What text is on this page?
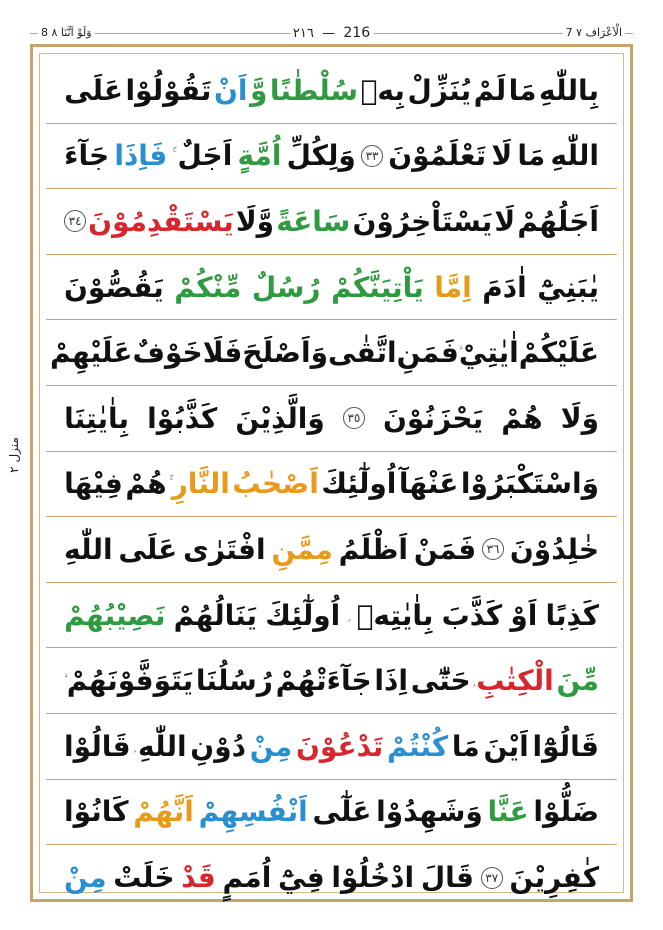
8 وَلَوْ اَنَّنَا ٨	٢١٦  —  216	7 الْاَعْرَاف ٧
منزل ٢
بِاللّٰهِ
مَا
لَمْ
يُنَزِّلْ
بِهٖ
سُلْطٰنًا
وَّ
اَنْ
تَقُوْلُوْا
عَلَى
اللّٰهِ
مَا
لَا
تَعْلَمُوْنَ
٣٣
وَلِكُلِّ
اُمَّةٍ
اَجَلٌ
فَاِذَا
جَآءَ
اَجَلُهُمْ
لَا
يَسْتَاْخِرُوْنَ
سَاعَةً
وَّلَا
يَسْتَقْدِمُوْنَ
٣٤
يٰبَنِيْٓ
اٰدَمَ
اِمَّا
يَاْتِيَنَّكُمْ
رُسُلٌ
مِّنْكُمْ
يَقُصُّوْنَ
عَلَيْكُمْ
اٰيٰتِيْ
فَمَنِ
اتَّقٰى
وَاَصْلَحَ
فَلَا
خَوْفٌ
عَلَيْهِمْ
وَلَا
هُمْ
يَحْزَنُوْنَ
٣٥
وَالَّذِيْنَ
كَذَّبُوْا
بِاٰيٰتِنَا
وَاسْتَكْبَرُوْا
عَنْهَآ
اُولٰٓئِكَ
اَصْحٰبُ
النَّارِ
هُمْ
فِيْهَا
خٰلِدُوْنَ
٣٦
فَمَنْ
اَظْلَمُ
مِمَّنِ
افْتَرٰى
عَلَى
اللّٰهِ
كَذِبًا
اَوْ
كَذَّبَ
بِاٰيٰتِهٖ
اُولٰٓئِكَ
يَنَالُهُمْ
نَصِيْبُهُمْ
مِّنَ
الْكِتٰبِ
حَتّٰٓى
اِذَا
جَآءَتْهُمْ
رُسُلُنَا
يَتَوَفَّوْنَهُمْ
قَالُوْٓا
اَيْنَ
مَا
كُنْتُمْ
تَدْعُوْنَ
مِنْ
دُوْنِ
اللّٰهِ
قَالُوْا
ضَلُّوْا
عَنَّا
وَشَهِدُوْا
عَلٰٓى
اَنْفُسِهِمْ
اَنَّهُمْ
كَانُوْا
كٰفِرِيْنَ
٣٧
قَالَ
ادْخُلُوْا
فِيْٓ
اُمَمٍ
قَدْ
خَلَتْ
مِنْ
